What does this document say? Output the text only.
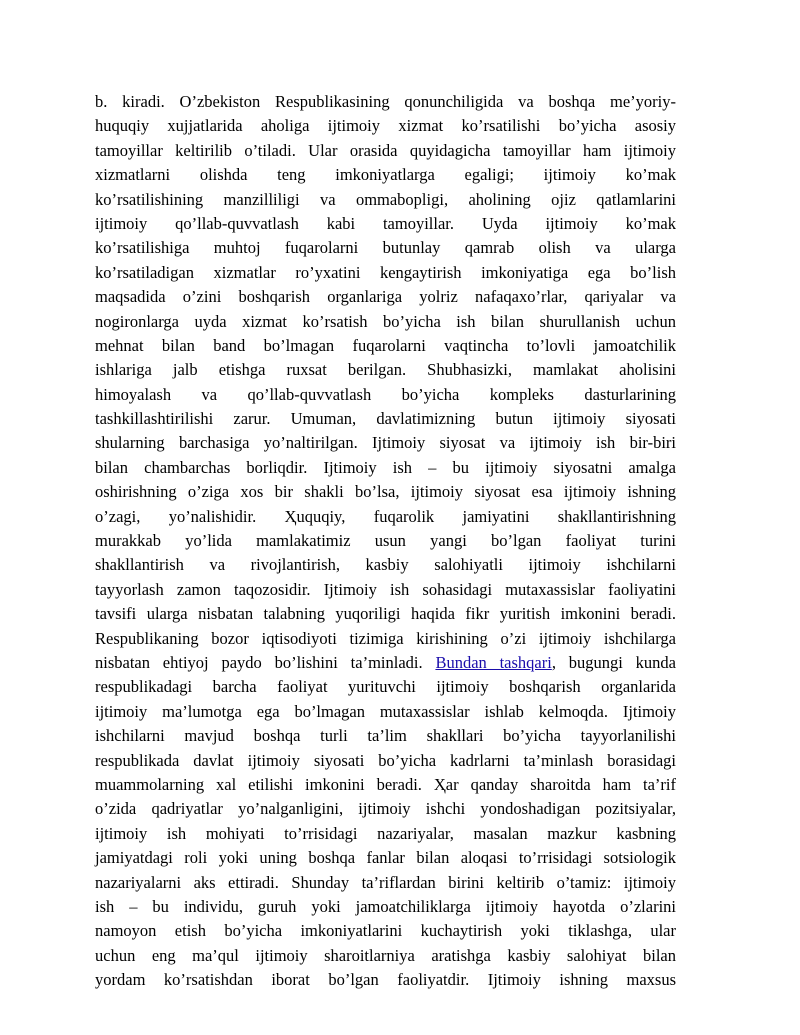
b. kiradi. O’zbekiston Respublikasining qonunchiligida va boshqa me’yoriy-
huquqiy xujjatlarida aholiga ijtimoiy xizmat ko’rsatilishi bo’yicha asosiy
tamoyillar keltirilib o’tiladi. Ular orasida quyidagicha tamoyillar ham ijtimoiy
xizmatlarni olishda teng imkoniyatlarga egaligi; ijtimoiy ko’mak
ko’rsatilishining manzilliligi va ommabopligi, aholining ojiz qatlamlarini
ijtimoiy qo’llab-quvvatlash kabi tamoyillar. Uyda ijtimoiy ko’mak
ko’rsatilishiga muhtoj fuqarolarni butunlay qamrab olish va ularga
ko’rsatiladigan xizmatlar ro’yxatini kengaytirish imkoniyatiga ega bo’lish
maqsadida o’zini boshqarish organlariga yolriz nafaqaxo’rlar, qariyalar va
nogironlarga uyda xizmat ko’rsatish bo’yicha ish bilan shurullanish uchun
mehnat bilan band bo’lmagan fuqarolarni vaqtincha to’lovli jamoatchilik
ishlariga jalb etishga ruxsat berilgan. Shubhasizki, mamlakat aholisini
himoyalash va qo’llab-quvvatlash bo’yicha kompleks dasturlarining
tashkillashtirilishi zarur. Umuman, davlatimizning butun ijtimoiy siyosati
shularning barchasiga yo’naltirilgan. Ijtimoiy siyosat va ijtimoiy ish bir-biri
bilan chambarchas borliqdir. Ijtimoiy ish – bu ijtimoiy siyosatni amalga
oshirishning o’ziga xos bir shakli bo’lsa, ijtimoiy siyosat esa ijtimoiy ishning
o’zagi, yo’nalishidir. Ҳuquqiy, fuqarolik jamiyatini shakllantirishning
murakkab yo’lida mamlakatimiz usun yangi bo’lgan faoliyat turini
shakllantirish va rivojlantirish, kasbiy salohiyatli ijtimoiy ishchilarni
tayyorlash zamon taqozosidir. Ijtimoiy ish sohasidagi mutaxassislar faoliyatini
tavsifi ularga nisbatan talabning yuqoriligi haqida fikr yuritish imkonini beradi.
Respublikaning bozor iqtisodiyoti tizimiga kirishining o’zi ijtimoiy ishchilarga
nisbatan ehtiyoj paydo bo’lishini ta’minladi. Bundan tashqari, bugungi kunda
respublikadagi barcha faoliyat yurituvchi ijtimoiy boshqarish organlarida
ijtimoiy ma’lumotga ega bo’lmagan mutaxassislar ishlab kelmoqda. Ijtimoiy
ishchilarni mavjud boshqa turli ta’lim shakllari bo’yicha tayyorlanilishi
respublikada davlat ijtimoiy siyosati bo’yicha kadrlarni ta’minlash borasidagi
muammolarning xal etilishi imkonini beradi. Ҳar qanday sharoitda ham ta’rif
o’zida qadriyatlar yo’nalganligini, ijtimoiy ishchi yondoshadigan pozitsiyalar,
ijtimoiy ish mohiyati to’rrisidagi nazariyalar, masalan mazkur kasbning
jamiyatdagi roli yoki uning boshqa fanlar bilan aloqasi to’rrisidagi sotsiologik
nazariyalarni aks ettiradi. Shunday ta’riflardan birini keltirib o’tamiz: ijtimoiy
ish – bu individu, guruh yoki jamoatchiliklarga ijtimoiy hayotda o’zlarini
namoyon etish bo’yicha imkoniyatlarini kuchaytirish yoki tiklashga, ular
uchun eng ma’qul ijtimoiy sharoitlarniya aratishga kasbiy salohiyat bilan
yordam ko’rsatishdan iborat bo’lgan faoliyatdir. Ijtimoiy ishning maxsus
